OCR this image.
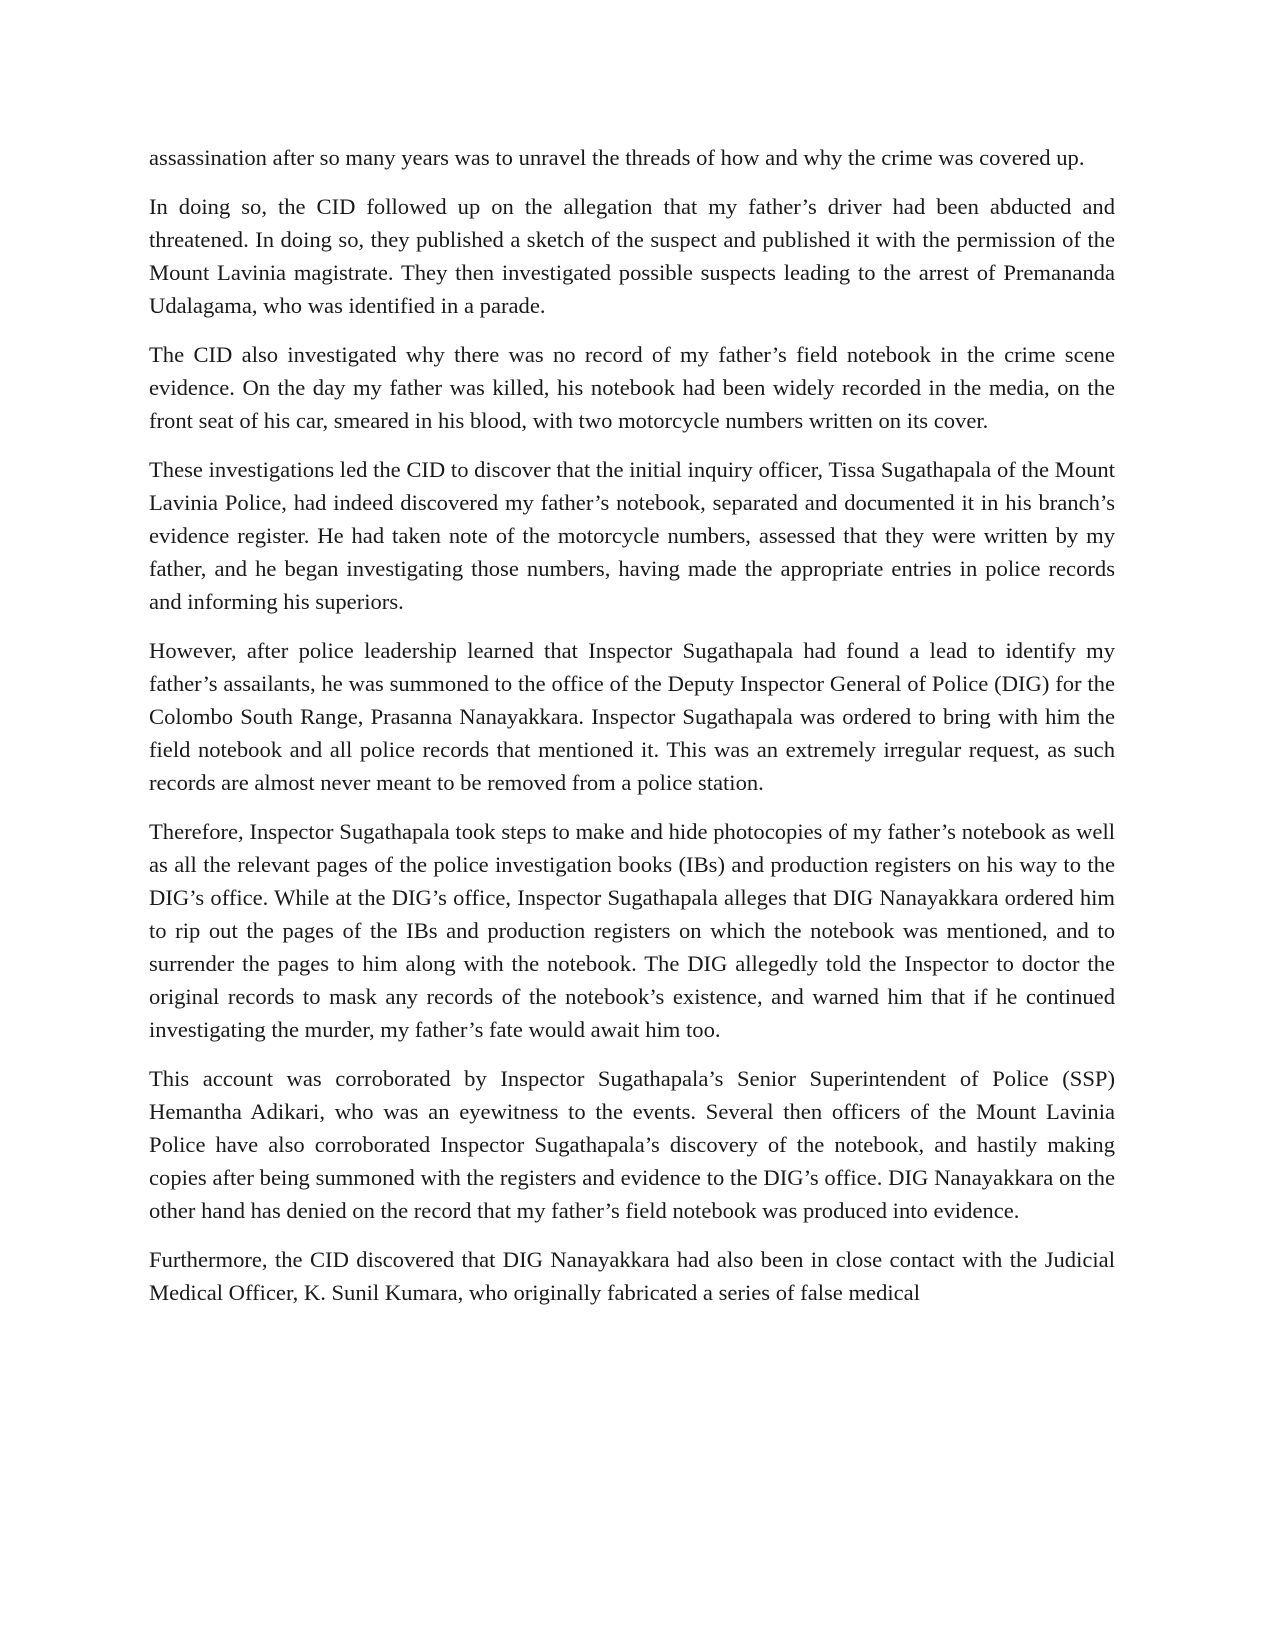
assassination after so many years was to unravel the threads of how and why the crime was covered up.

In doing so, the CID followed up on the allegation that my father’s driver had been abducted and threatened. In doing so, they published a sketch of the suspect and published it with the permission of the Mount Lavinia magistrate. They then investigated possible suspects leading to the arrest of Premananda Udalagama, who was identified in a parade.

The CID also investigated why there was no record of my father’s field notebook in the crime scene evidence. On the day my father was killed, his notebook had been widely recorded in the media, on the front seat of his car, smeared in his blood, with two motorcycle numbers written on its cover.

These investigations led the CID to discover that the initial inquiry officer, Tissa Sugathapala of the Mount Lavinia Police, had indeed discovered my father’s notebook, separated and documented it in his branch’s evidence register. He had taken note of the motorcycle numbers, assessed that they were written by my father, and he began investigating those numbers, having made the appropriate entries in police records and informing his superiors.

However, after police leadership learned that Inspector Sugathapala had found a lead to identify my father’s assailants, he was summoned to the office of the Deputy Inspector General of Police (DIG) for the Colombo South Range, Prasanna Nanayakkara. Inspector Sugathapala was ordered to bring with him the field notebook and all police records that mentioned it. This was an extremely irregular request, as such records are almost never meant to be removed from a police station.

Therefore, Inspector Sugathapala took steps to make and hide photocopies of my father’s notebook as well as all the relevant pages of the police investigation books (IBs) and production registers on his way to the DIG’s office. While at the DIG’s office, Inspector Sugathapala alleges that DIG Nanayakkara ordered him to rip out the pages of the IBs and production registers on which the notebook was mentioned, and to surrender the pages to him along with the notebook. The DIG allegedly told the Inspector to doctor the original records to mask any records of the notebook’s existence, and warned him that if he continued investigating the murder, my father’s fate would await him too.

This account was corroborated by Inspector Sugathapala’s Senior Superintendent of Police (SSP) Hemantha Adikari, who was an eyewitness to the events. Several then officers of the Mount Lavinia Police have also corroborated Inspector Sugathapala’s discovery of the notebook, and hastily making copies after being summoned with the registers and evidence to the DIG’s office. DIG Nanayakkara on the other hand has denied on the record that my father’s field notebook was produced into evidence.

Furthermore, the CID discovered that DIG Nanayakkara had also been in close contact with the Judicial Medical Officer, K. Sunil Kumara, who originally fabricated a series of false medical
